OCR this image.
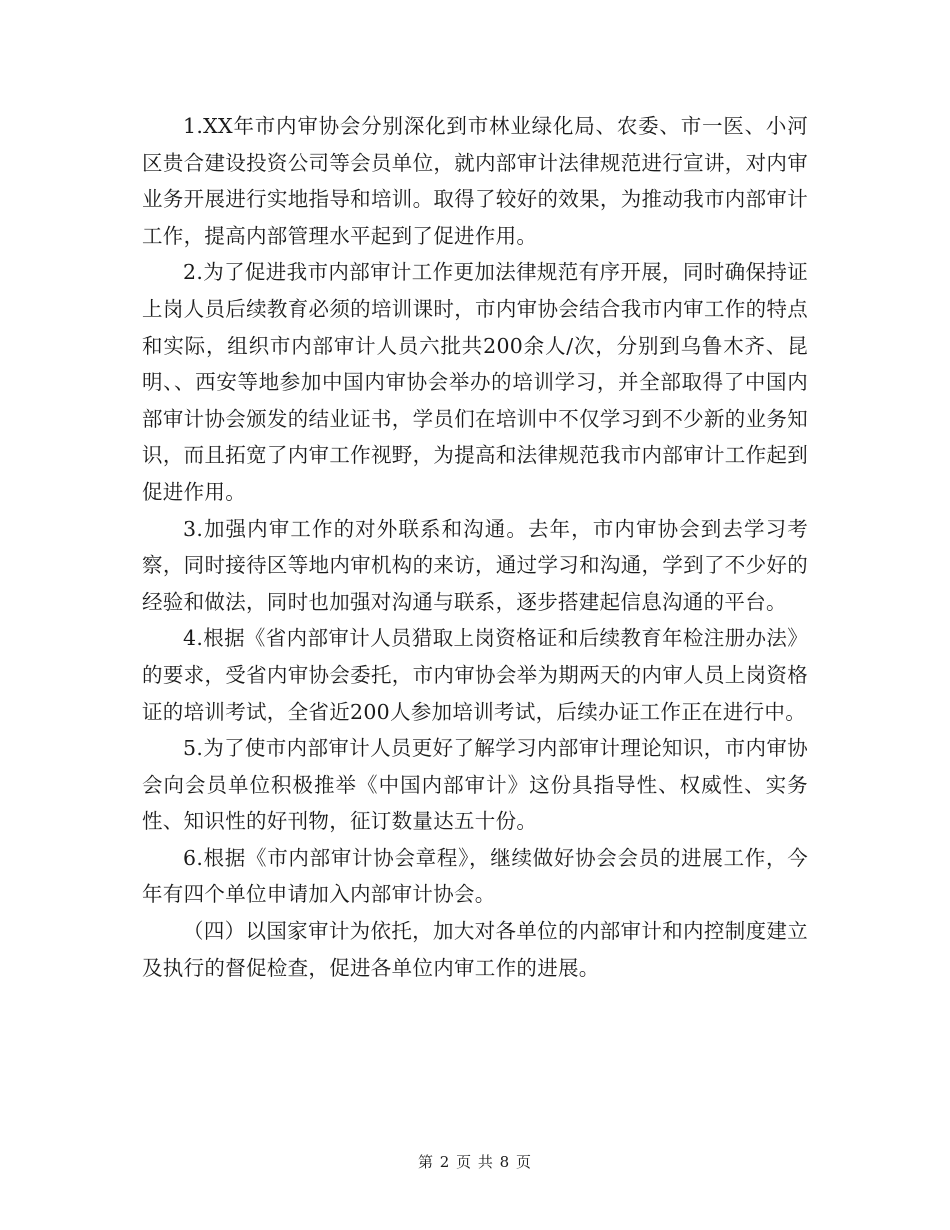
1.XX年市内审协会分别深化到市林业绿化局、农委、市一医、小河区贵合建设投资公司等会员单位，就内部审计法律规范进行宣讲，对内审业务开展进行实地指导和培训。取得了较好的效果，为推动我市内部审计工作，提高内部管理水平起到了促进作用。

2.为了促进我市内部审计工作更加法律规范有序开展，同时确保持证上岗人员后续教育必须的培训课时，市内审协会结合我市内审工作的特点和实际，组织市内部审计人员六批共200余人/次，分别到乌鲁木齐、昆明、、西安等地参加中国内审协会举办的培训学习，并全部取得了中国内部审计协会颁发的结业证书，学员们在培训中不仅学习到不少新的业务知识，而且拓宽了内审工作视野，为提高和法律规范我市内部审计工作起到促进作用。

3.加强内审工作的对外联系和沟通。去年，市内审协会到去学习考察，同时接待区等地内审机构的来访，通过学习和沟通，学到了不少好的经验和做法，同时也加强对沟通与联系，逐步搭建起信息沟通的平台。

4.根据《省内部审计人员猎取上岗资格证和后续教育年检注册办法》的要求，受省内审协会委托，市内审协会举为期两天的内审人员上岗资格证的培训考试，全省近200人参加培训考试，后续办证工作正在进行中。

5.为了使市内部审计人员更好了解学习内部审计理论知识，市内审协会向会员单位积极推举《中国内部审计》这份具指导性、权威性、实务性、知识性的好刊物，征订数量达五十份。

6.根据《市内部审计协会章程》，继续做好协会会员的进展工作，今年有四个单位申请加入内部审计协会。

（四）以国家审计为依托，加大对各单位的内部审计和内控制度建立及执行的督促检查，促进各单位内审工作的进展。

第 2 页 共 8 页
